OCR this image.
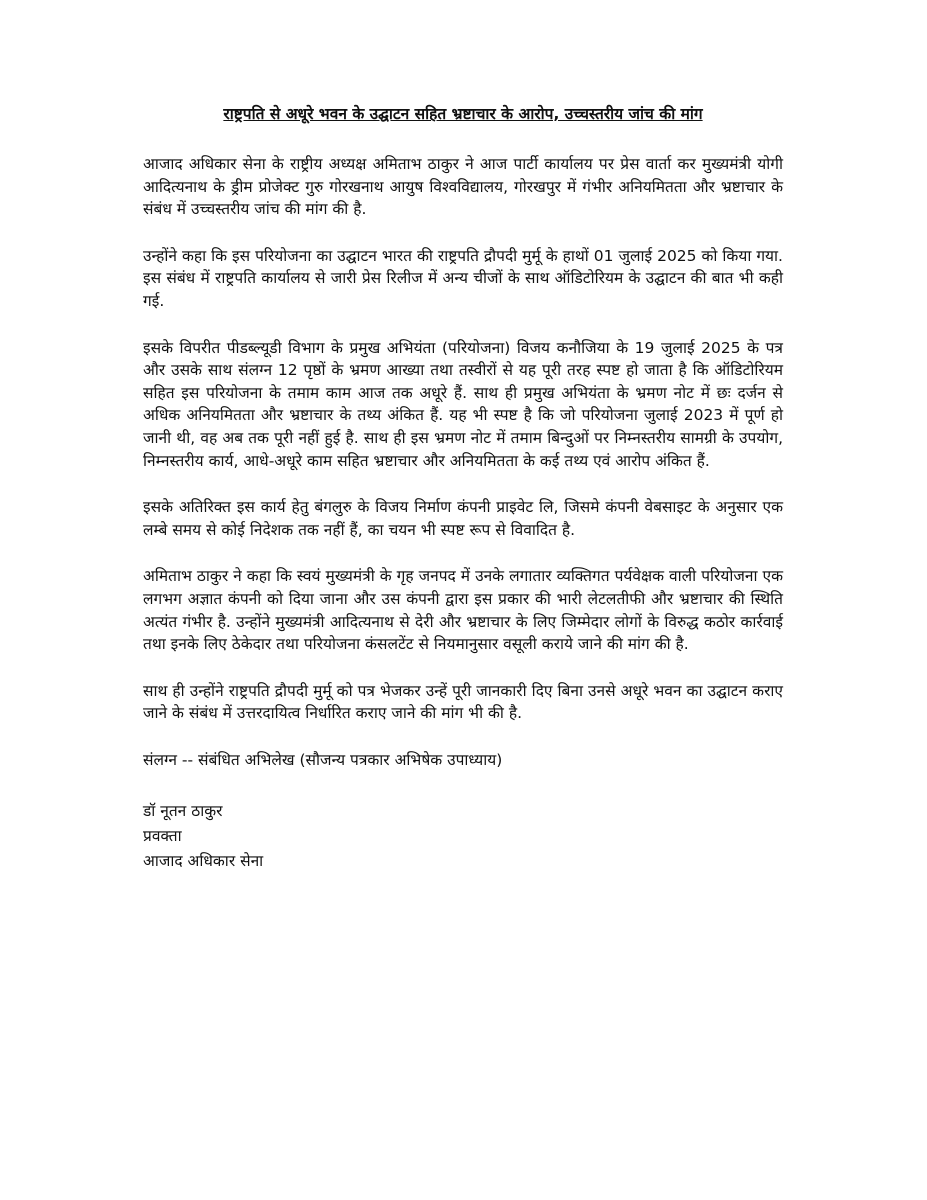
राष्ट्रपति से अधूरे भवन के उद्घाटन सहित भ्रष्टाचार के आरोप, उच्चस्तरीय जांच की मांग

आजाद अधिकार सेना के राष्ट्रीय अध्यक्ष अमिताभ ठाकुर ने आज पार्टी कार्यालय पर प्रेस वार्ता कर मुख्यमंत्री योगी आदित्यनाथ के ड्रीम प्रोजेक्ट गुरु गोरखनाथ आयुष विश्वविद्यालय, गोरखपुर में गंभीर अनियमितता और भ्रष्टाचार के संबंध में उच्चस्तरीय जांच की मांग की है.

उन्होंने कहा कि इस परियोजना का उद्घाटन भारत की राष्ट्रपति द्रौपदी मुर्मू के हाथों 01 जुलाई 2025 को किया गया. इस संबंध में राष्ट्रपति कार्यालय से जारी प्रेस रिलीज में अन्य चीजों के साथ ऑडिटोरियम के उद्घाटन की बात भी कही गई.

इसके विपरीत पीडब्ल्यूडी विभाग के प्रमुख अभियंता (परियोजना) विजय कनौजिया के 19 जुलाई 2025 के पत्र और उसके साथ संलग्न 12 पृष्ठों के भ्रमण आख्या तथा तस्वीरों से यह पूरी तरह स्पष्ट हो जाता है कि ऑडिटोरियम सहित इस परियोजना के तमाम काम आज तक अधूरे हैं. साथ ही प्रमुख अभियंता के भ्रमण नोट में छः दर्जन से अधिक अनियमितता और भ्रष्टाचार के तथ्य अंकित हैं. यह भी स्पष्ट है कि जो परियोजना जुलाई 2023 में पूर्ण हो जानी थी, वह अब तक पूरी नहीं हुई है. साथ ही इस भ्रमण नोट में तमाम बिन्दुओं पर निम्नस्तरीय सामग्री के उपयोग, निम्नस्तरीय कार्य, आधे-अधूरे काम सहित भ्रष्टाचार और अनियमितता के कई तथ्य एवं आरोप अंकित हैं.

इसके अतिरिक्त इस कार्य हेतु बंगलुरु के विजय निर्माण कंपनी प्राइवेट लि, जिसमे कंपनी वेबसाइट के अनुसार एक लम्बे समय से कोई निदेशक तक नहीं हैं, का चयन भी स्पष्ट रूप से विवादित है.

अमिताभ ठाकुर ने कहा कि स्वयं मुख्यमंत्री के गृह जनपद में उनके लगातार व्यक्तिगत पर्यवेक्षक वाली परियोजना एक लगभग अज्ञात कंपनी को दिया जाना और उस कंपनी द्वारा इस प्रकार की भारी लेटलतीफी और भ्रष्टाचार की स्थिति अत्यंत गंभीर है. उन्होंने मुख्यमंत्री आदित्यनाथ से देरी और भ्रष्टाचार के लिए जिम्मेदार लोगों के विरुद्ध कठोर कार्रवाई तथा इनके लिए ठेकेदार तथा परियोजना कंसलटेंट से नियमानुसार वसूली कराये जाने की मांग की है.

साथ ही उन्होंने राष्ट्रपति द्रौपदी मुर्मू को पत्र भेजकर उन्हें पूरी जानकारी दिए बिना उनसे अधूरे भवन का उद्घाटन कराए जाने के संबंध में उत्तरदायित्व निर्धारित कराए जाने की मांग भी की है.

संलग्न -- संबंधित अभिलेख (सौजन्य पत्रकार अभिषेक उपाध्याय)

डॉ नूतन ठाकुर

प्रवक्ता

आजाद अधिकार सेना
